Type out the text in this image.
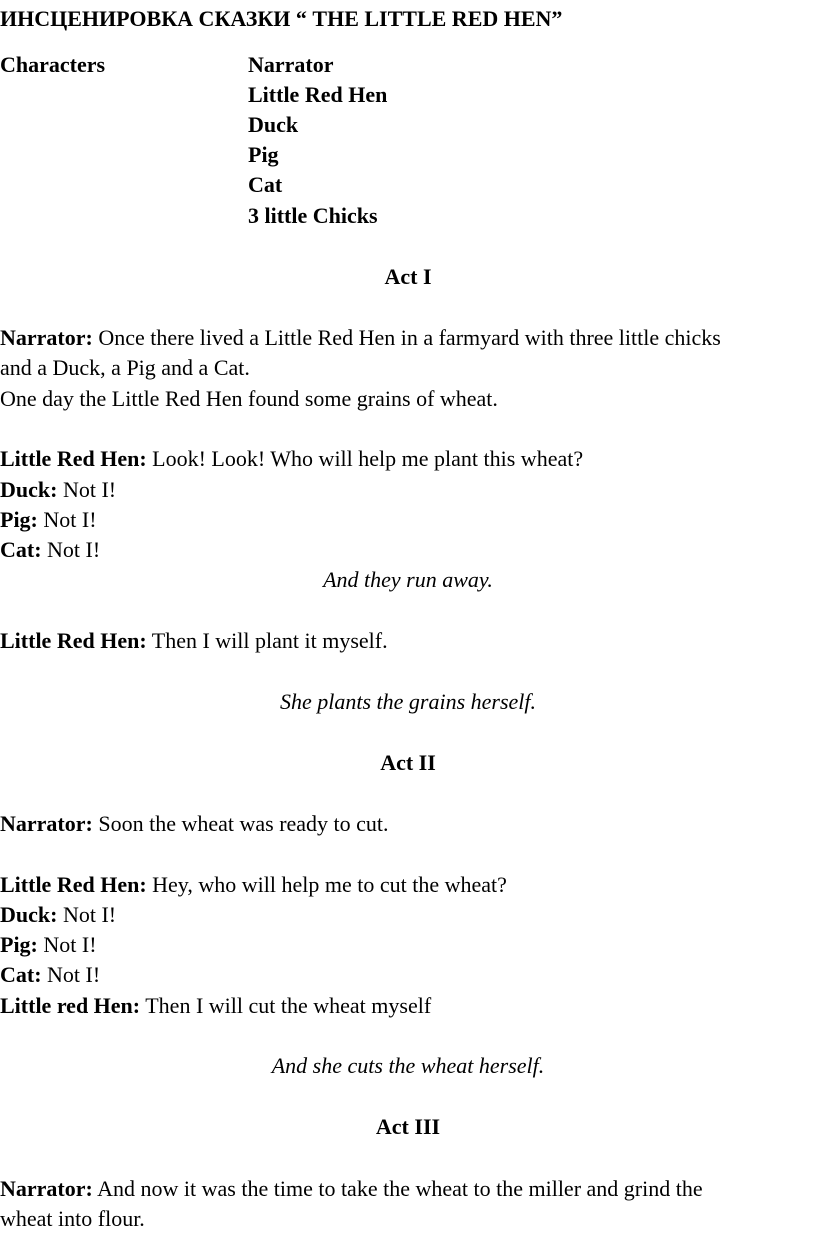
ИНСЦЕНИРОВКА СКАЗКИ “ THE LITTLE RED HEN”
Characters	Narrator
Little Red Hen
Duck
Pig
Cat
3 little Chicks
Act I
Narrator: Once there lived a Little Red Hen in a farmyard with three little chicks
and a Duck, a Pig and a Cat.
One day the Little Red Hen found some grains of wheat.
Little Red Hen: Look! Look! Who will help me plant this wheat?
Duck: Not I!
Pig: Not I!
Cat: Not I!
And they run away.
Little Red Hen: Then I will plant it myself.
She plants the grains herself.
Act II
Narrator: Soon the wheat was ready to cut.
Little Red Hen: Hey, who will help me to cut the wheat?
Duck: Not I!
Pig: Not I!
Cat: Not I!
Little red Hen: Then I will cut the wheat myself
And she cuts the wheat herself.
Act III
Narrator: And now it was the time to take the wheat to the miller and grind the
wheat into flour.
